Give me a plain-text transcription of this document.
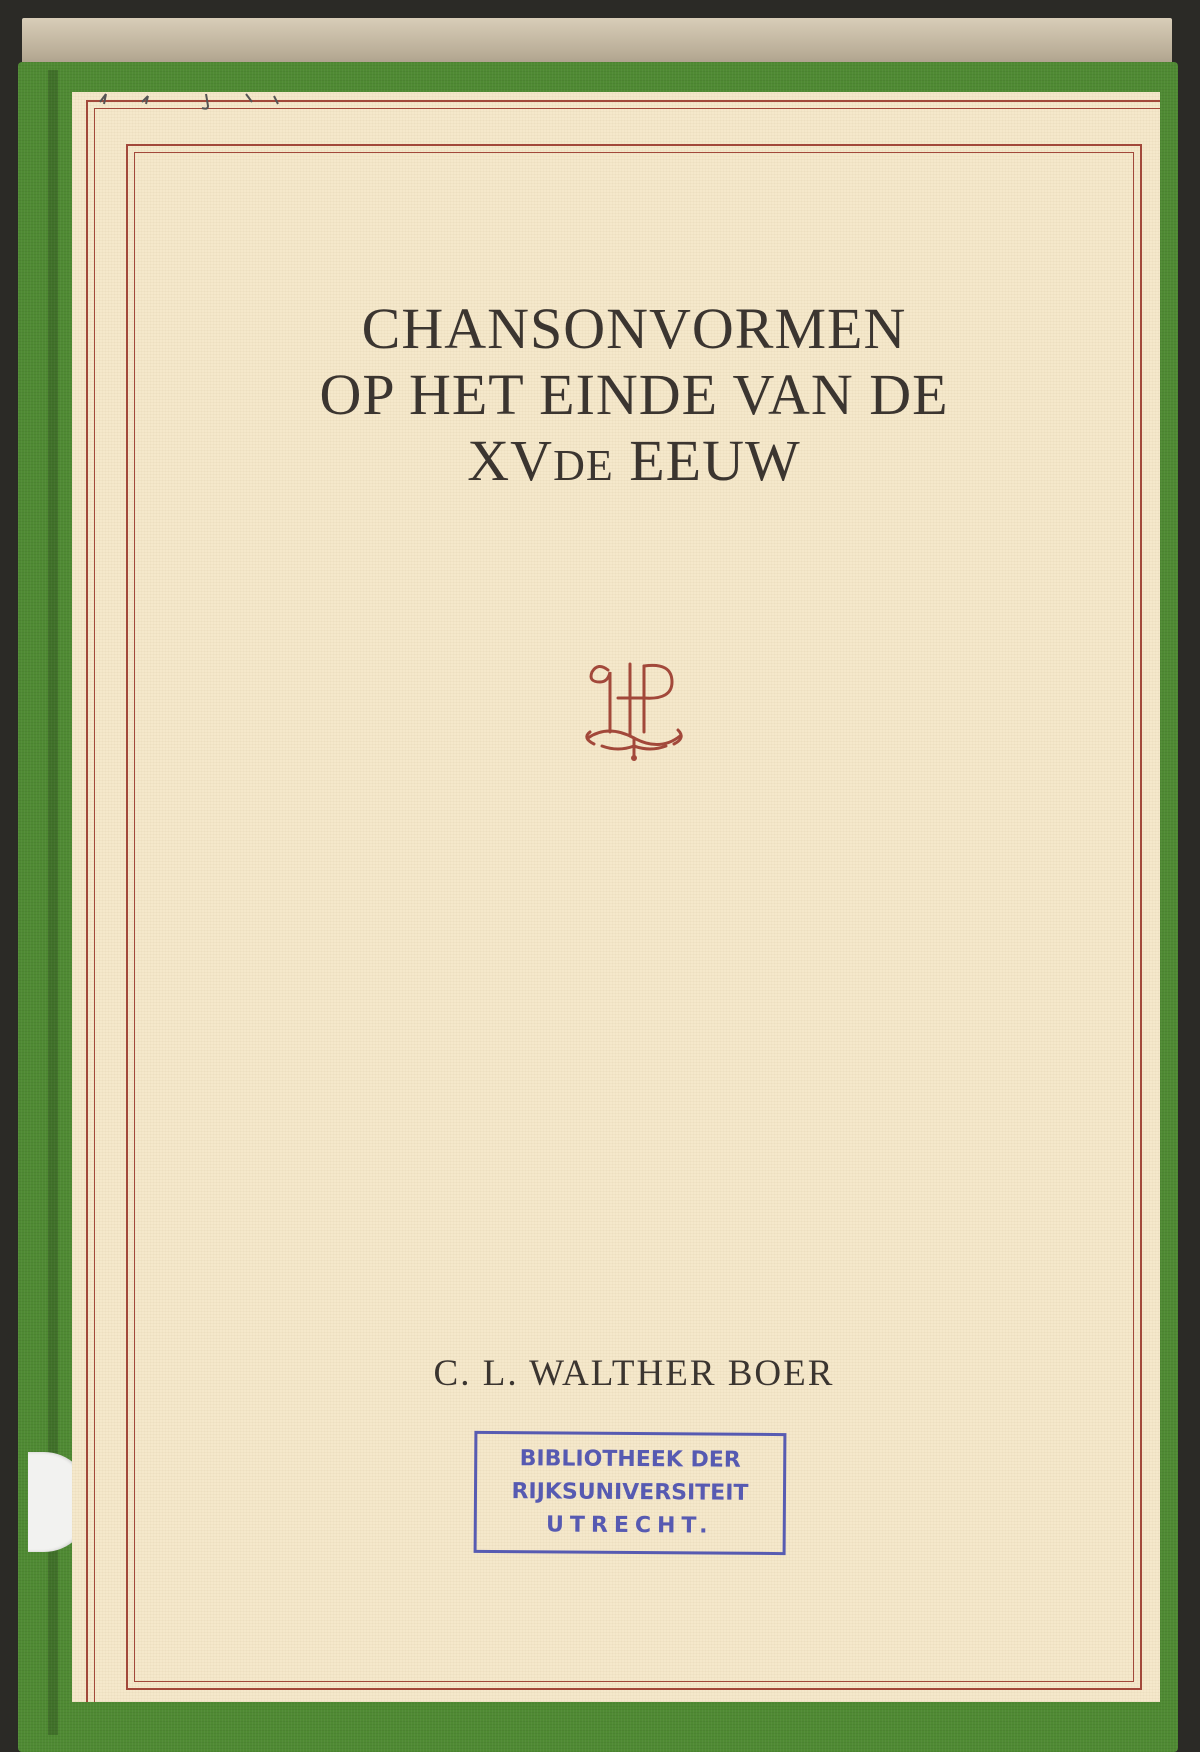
CHANSONVORMEN
OP HET EINDE VAN DE
XVDE EEUW
C. L. WALTHER BOER
BIBLIOTHEEK DER
RIJKSUNIVERSITEIT
UTRECHT.
